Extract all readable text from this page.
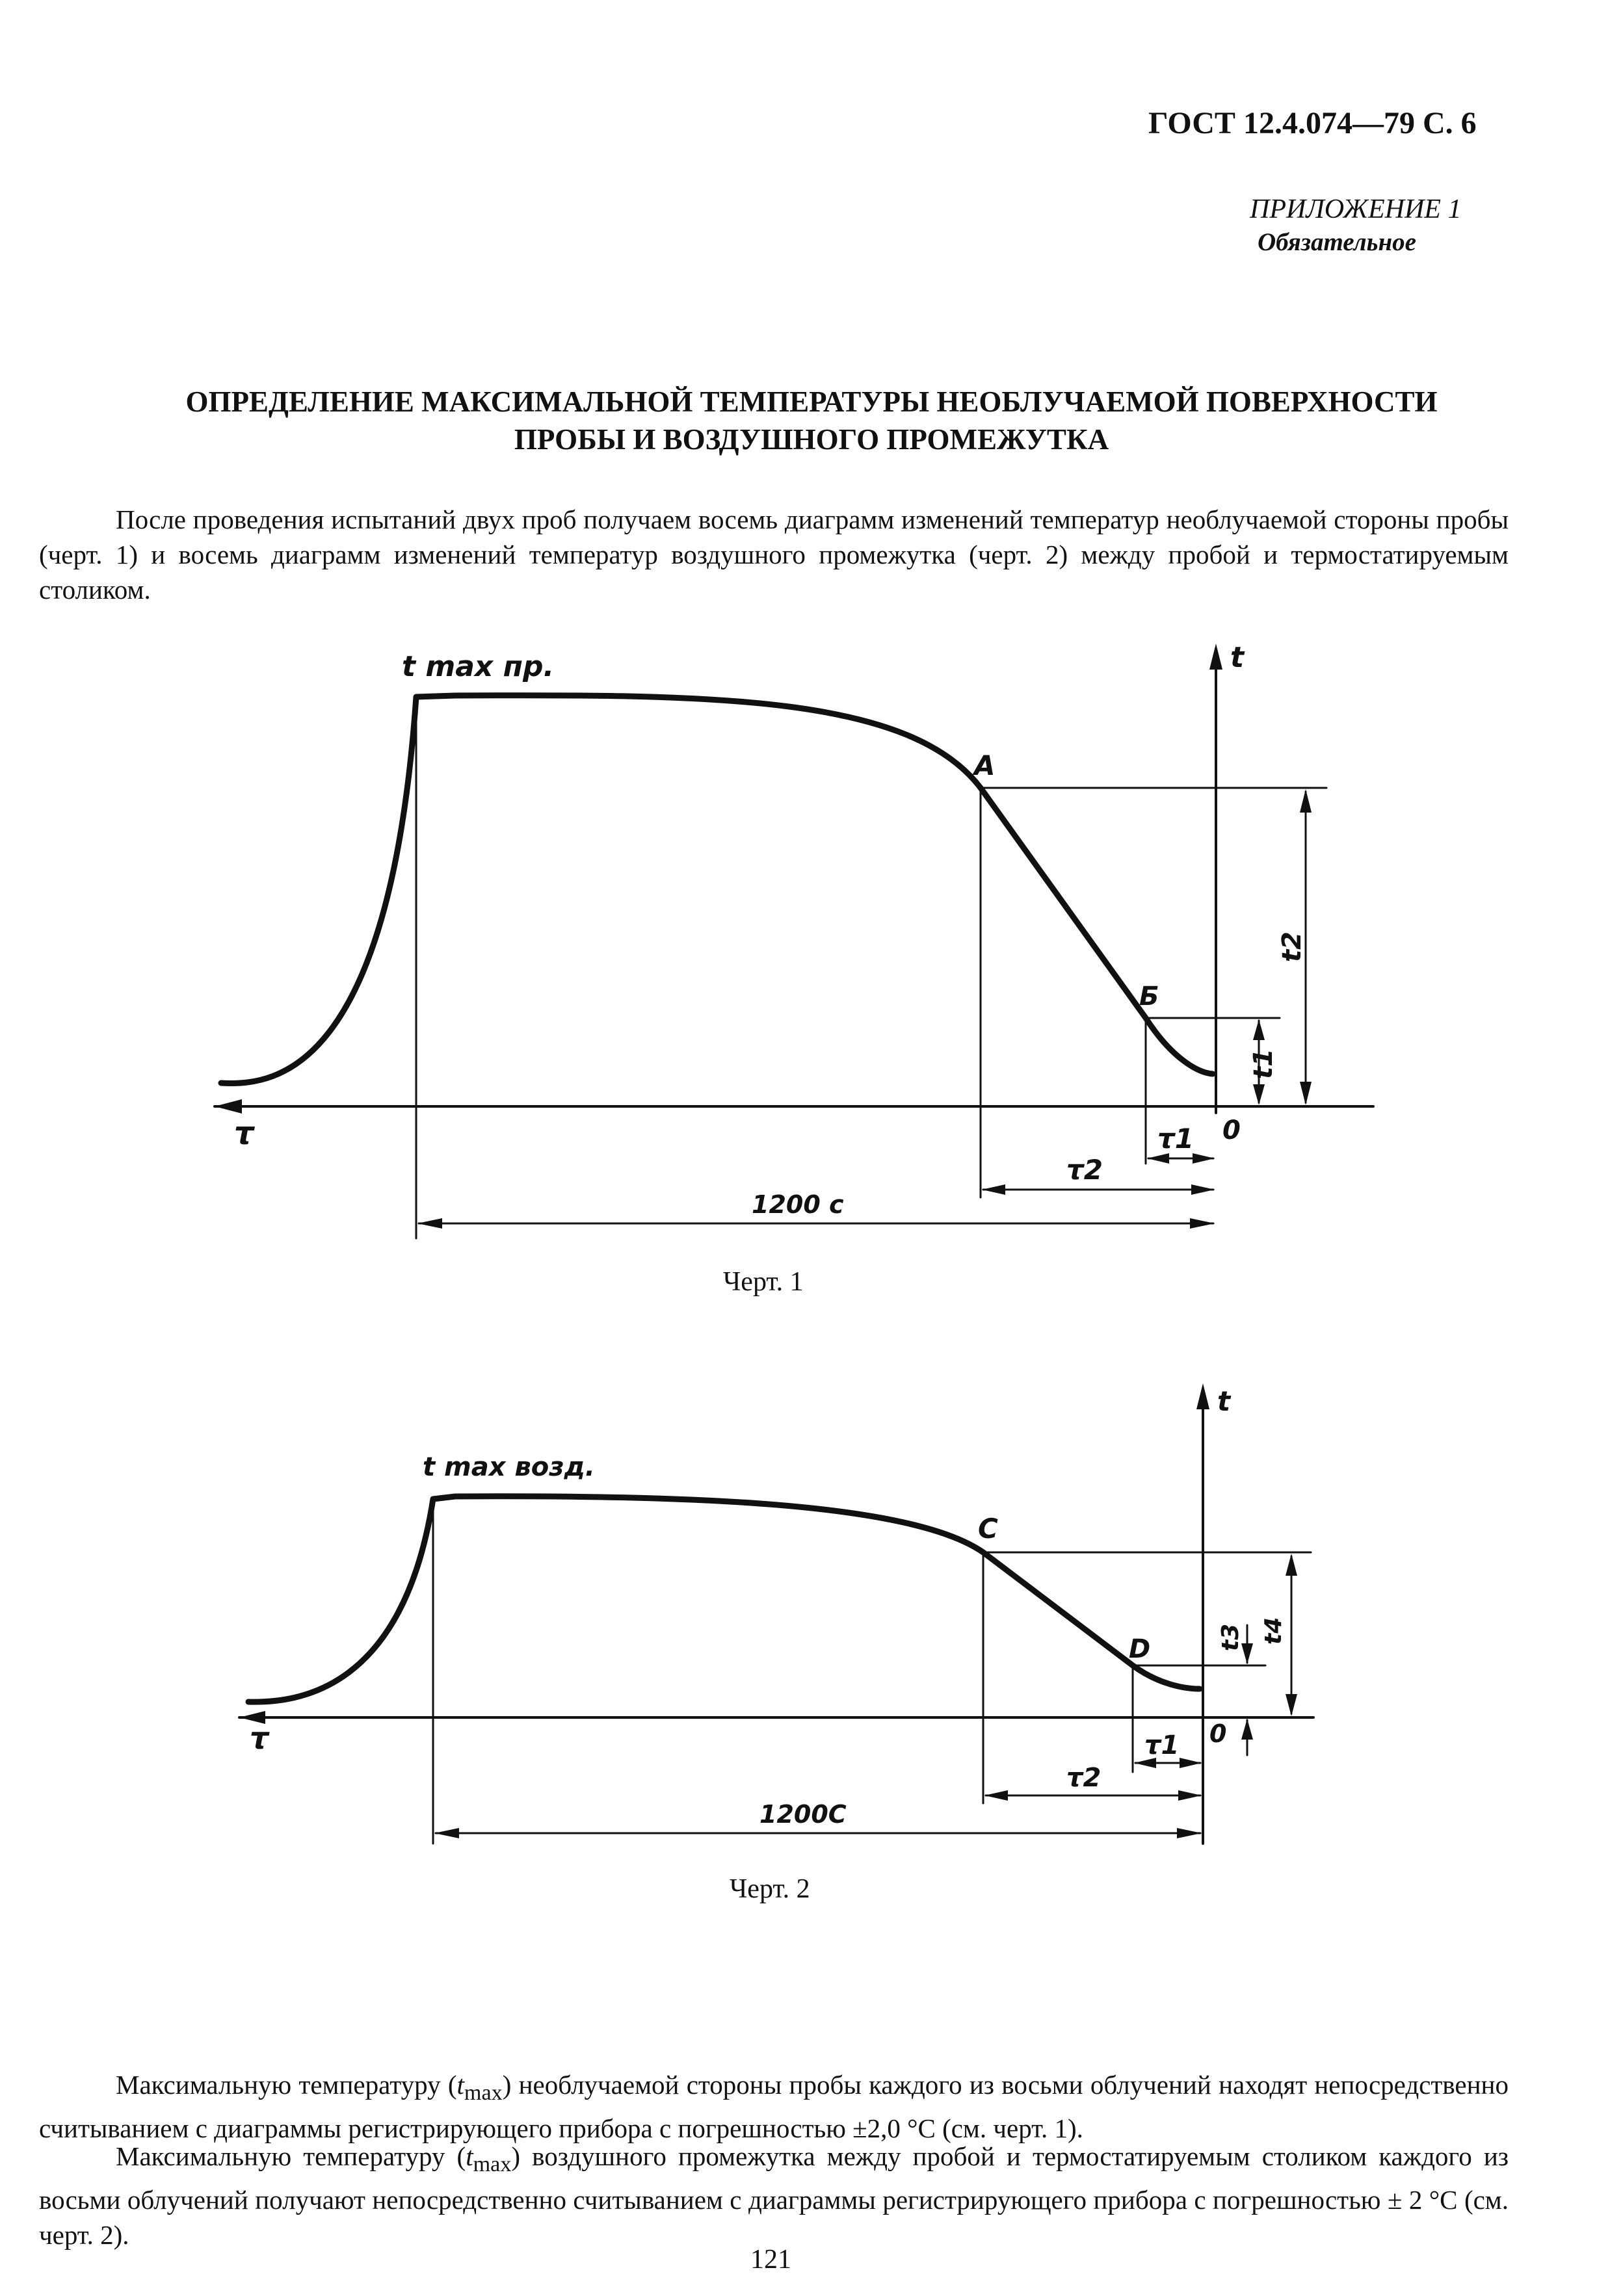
ГОСТ 12.4.074—79 С. 6
ПРИЛОЖЕНИЕ 1
Обязательное
ОПРЕДЕЛЕНИЕ МАКСИМАЛЬНОЙ ТЕМПЕРАТУРЫ НЕОБЛУЧАЕМОЙ ПОВЕРХНОСТИ
ПРОБЫ И ВОЗДУШНОГО ПРОМЕЖУТКА
После проведения испытаний двух проб получаем восемь диаграмм изменений температур необлучаемой стороны пробы (черт. 1) и восемь диаграмм изменений температур воздушного промежутка (черт. 2) между пробой и термостатируемым столиком.
t max пр.
A
Б
t
τ	0
t1
t2
τ1
τ2
1200 c
Черт. 1
t max возд.
C
D
t
τ	0
t3 t4
τ1
τ2
1200C
Черт. 2
Максимальную температуру $(t_{max})$ необлучаемой стороны пробы каждого из восьми облучений находят непосредственно считыванием с диаграммы регистрирующего прибора с погрешностью ±2,0 °С (см. черт. 1).
Максимальную температуру $(t_{max})$ воздушного промежутка между пробой и термостатируемым столиком каждого из восьми облучений получают непосредственно считыванием с диаграммы регистрирующего прибора с погрешностью ± 2 °С (см. черт. 2).
121
